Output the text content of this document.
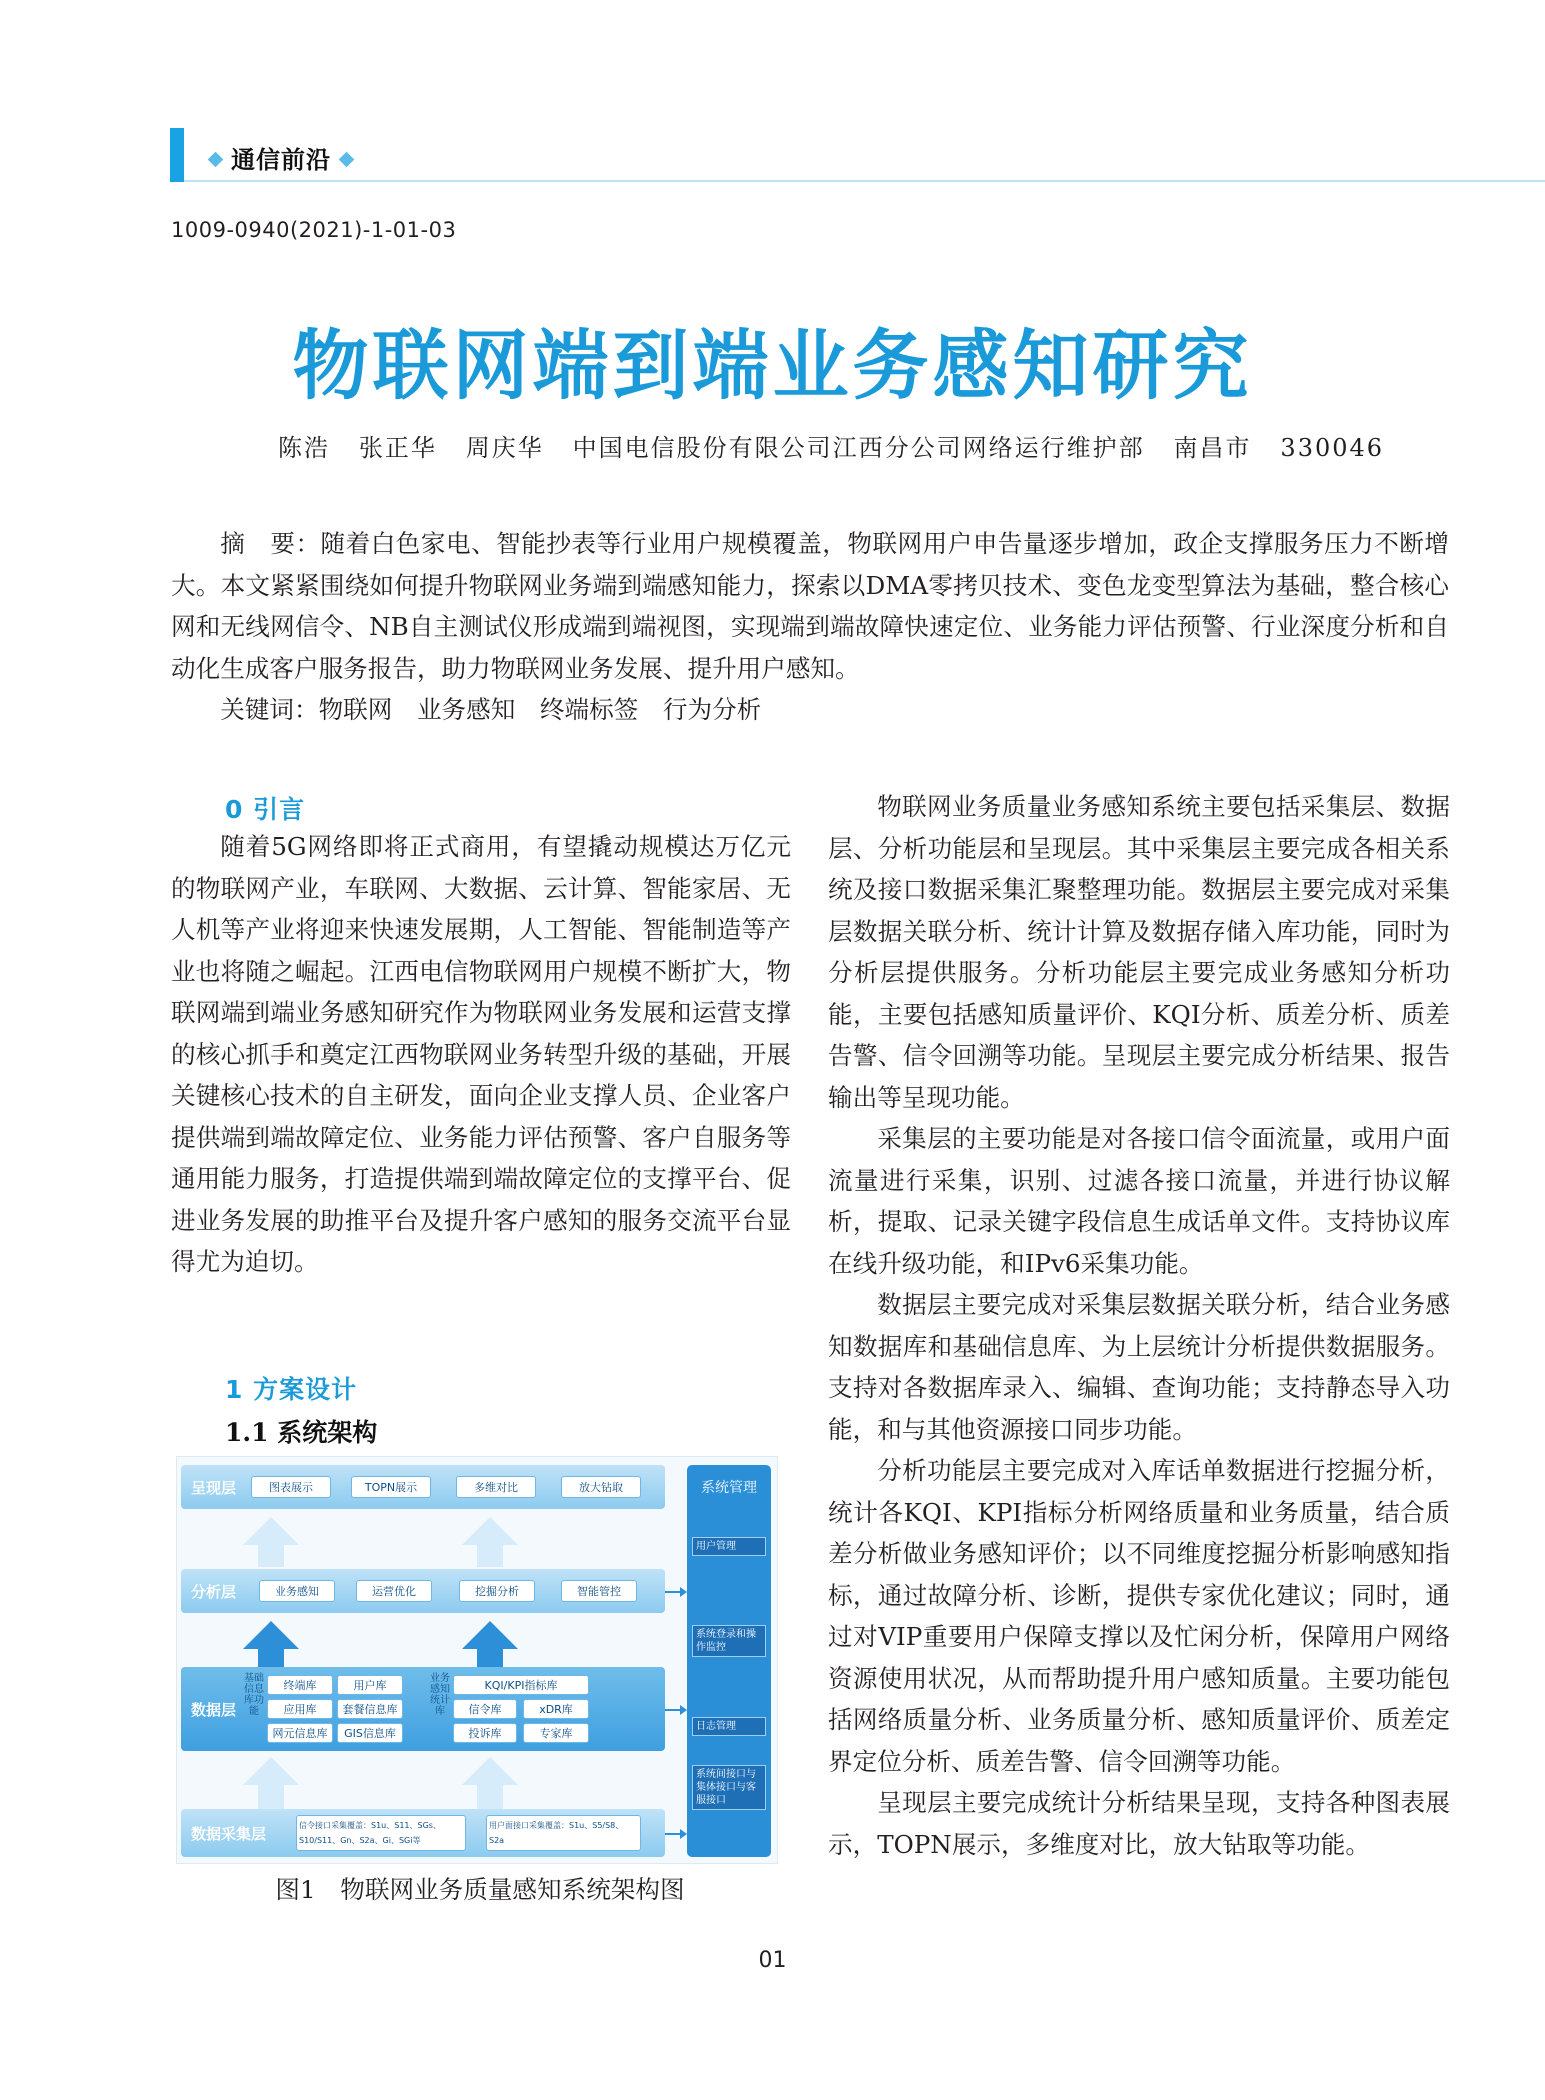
通信前沿
1009-0940(2021)-1-01-03
物联网端到端业务感知研究
陈浩   张正华   周庆华   中国电信股份有限公司江西分公司网络运行维护部   南昌市   330046

摘　要：随着白色家电、智能抄表等行业用户规模覆盖，物联网用户申告量逐步增加，政企支撑服务压力不断增大。本文紧紧围绕如何提升物联网业务端到端感知能力，探索以DMA零拷贝技术、变色龙变型算法为基础，整合核心网和无线网信令、NB自主测试仪形成端到端视图，实现端到端故障快速定位、业务能力评估预警、行业深度分析和自动化生成客户服务报告，助力物联网业务发展、提升用户感知。

关键词：物联网　业务感知　终端标签　行为分析

0 引言

随着5G网络即将正式商用，有望撬动规模达万亿元的物联网产业，车联网、大数据、云计算、智能家居、无人机等产业将迎来快速发展期，人工智能、智能制造等产业也将随之崛起。江西电信物联网用户规模不断扩大，物联网端到端业务感知研究作为物联网业务发展和运营支撑的核心抓手和奠定江西物联网业务转型升级的基础，开展关键核心技术的自主研发，面向企业支撑人员、企业客户提供端到端故障定位、业务能力评估预警、客户自服务等通用能力服务，打造提供端到端故障定位的支撑平台、促进业务发展的助推平台及提升客户感知的服务交流平台显得尤为迫切。

1 方案设计
1.1 系统架构
呈现层	图表展示	TOPN展示	多维对比	放大钻取
分析层	业务感知	运营优化	挖掘分析	智能管控
数据层
基础信息库功能
终端库	用户库
应用库	套餐信息库
网元信息库	GIS信息库
业务感知统计库
KQI/KPI指标库
信令库	xDR库
投诉库	专家库
数据采集层	信令接口采集覆盖：S1u、S11、SGs、S10/S11、Gn、S2a、Gi、SGi等
用户面接口采集覆盖：S1u、S5/S8、S2a
系统管理
用户管理
系统登录和操作监控
日志管理
系统间接口与集体接口与客服接口
图1　物联网业务质量感知系统架构图

物联网业务质量业务感知系统主要包括采集层、数据层、分析功能层和呈现层。其中采集层主要完成各相关系统及接口数据采集汇聚整理功能。数据层主要完成对采集层数据关联分析、统计计算及数据存储入库功能，同时为分析层提供服务。分析功能层主要完成业务感知分析功能，主要包括感知质量评价、KQI分析、质差分析、质差告警、信令回溯等功能。呈现层主要完成分析结果、报告输出等呈现功能。

采集层的主要功能是对各接口信令面流量，或用户面流量进行采集，识别、过滤各接口流量，并进行协议解析，提取、记录关键字段信息生成话单文件。支持协议库在线升级功能，和IPv6采集功能。

数据层主要完成对采集层数据关联分析，结合业务感知数据库和基础信息库、为上层统计分析提供数据服务。支持对各数据库录入、编辑、查询功能；支持静态导入功能，和与其他资源接口同步功能。

分析功能层主要完成对入库话单数据进行挖掘分析，统计各KQI、KPI指标分析网络质量和业务质量，结合质差分析做业务感知评价；以不同维度挖掘分析影响感知指标，通过故障分析、诊断，提供专家优化建议；同时，通过对VIP重要用户保障支撑以及忙闲分析，保障用户网络资源使用状况，从而帮助提升用户感知质量。主要功能包括网络质量分析、业务质量分析、感知质量评价、质差定界定位分析、质差告警、信令回溯等功能。

呈现层主要完成统计分析结果呈现，支持各种图表展示，TOPN展示，多维度对比，放大钻取等功能。

01
